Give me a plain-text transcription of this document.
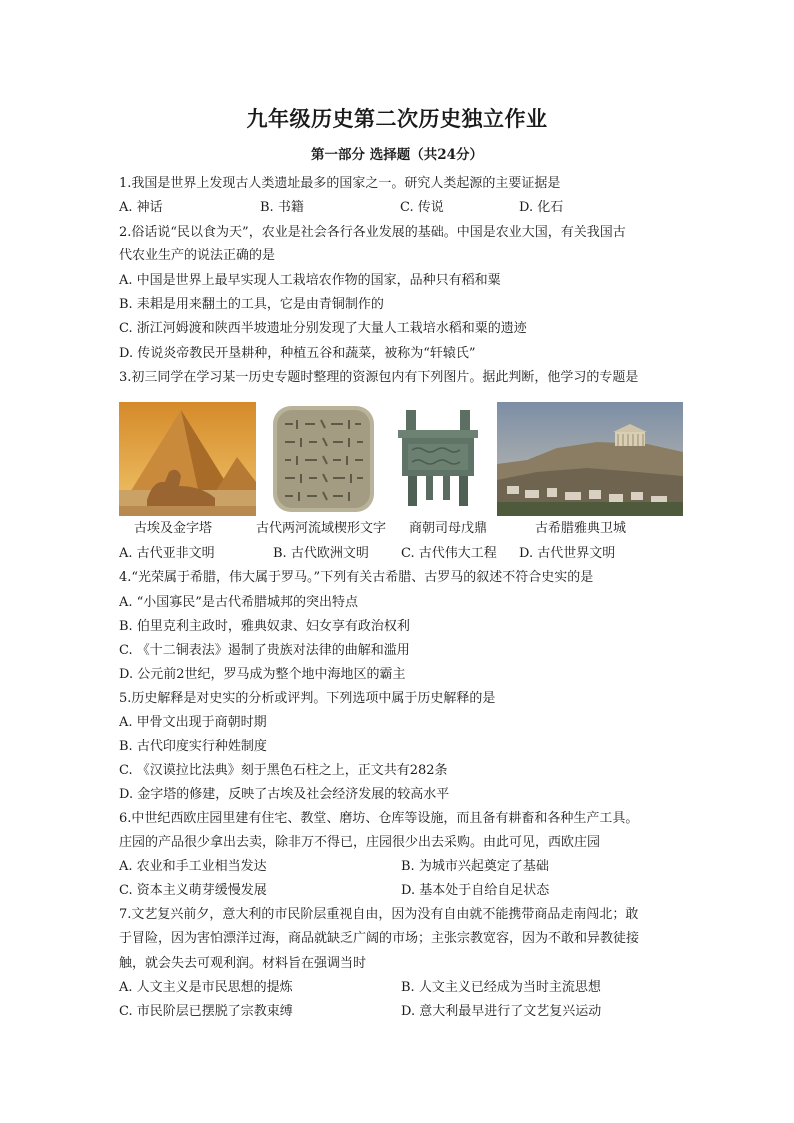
九年级历史第二次历史独立作业
第一部分 选择题（共24分）
1.我国是世界上发现古人类遗址最多的国家之一。研究人类起源的主要证据是
A. 神话	B. 书籍	C. 传说	D. 化石
2.俗话说“民以食为天”，农业是社会各行各业发展的基础。中国是农业大国，有关我国古
代农业生产的说法正确的是
A. 中国是世界上最早实现人工栽培农作物的国家，品种只有稻和粟
B. 耒耜是用来翻土的工具，它是由青铜制作的
C. 浙江河姆渡和陕西半坡遗址分别发现了大量人工栽培水稻和粟的遗迹
D. 传说炎帝教民开垦耕种，种植五谷和蔬菜，被称为“轩辕氏”
3.初三同学在学习某一历史专题时整理的资源包内有下列图片。据此判断，他学习的专题是
古埃及金字塔	古代两河流域楔形文字 商朝司母戊鼎	古希腊雅典卫城
A. 古代亚非文明	B. 古代欧洲文明 C. 古代伟大工程 D. 古代世界文明
4.“光荣属于希腊，伟大属于罗马。”下列有关古希腊、古罗马的叙述不符合史实的是
A. “小国寡民”是古代希腊城邦的突出特点
B. 伯里克利主政时，雅典奴隶、妇女享有政治权利
C. 《十二铜表法》遏制了贵族对法律的曲解和滥用
D. 公元前2世纪，罗马成为整个地中海地区的霸主
5.历史解释是对史实的分析或评判。下列选项中属于历史解释的是
A. 甲骨文出现于商朝时期
B. 古代印度实行种姓制度
C. 《汉谟拉比法典》刻于黑色石柱之上，正文共有282条
D. 金字塔的修建，反映了古埃及社会经济发展的较高水平
6.中世纪西欧庄园里建有住宅、教堂、磨坊、仓库等设施，而且备有耕畜和各种生产工具。
庄园的产品很少拿出去卖，除非万不得已，庄园很少出去采购。由此可见，西欧庄园
A. 农业和手工业相当发达	B. 为城市兴起奠定了基础
C. 资本主义萌芽缓慢发展	D. 基本处于自给自足状态
7.文艺复兴前夕，意大利的市民阶层重视自由，因为没有自由就不能携带商品走南闯北；敢
于冒险，因为害怕漂洋过海，商品就缺乏广阔的市场；主张宗教宽容，因为不敢和异教徒接
触，就会失去可观利润。材料旨在强调当时
A. 人文主义是市民思想的提炼	B. 人文主义已经成为当时主流思想
C. 市民阶层已摆脱了宗教束缚	D. 意大利最早进行了文艺复兴运动
